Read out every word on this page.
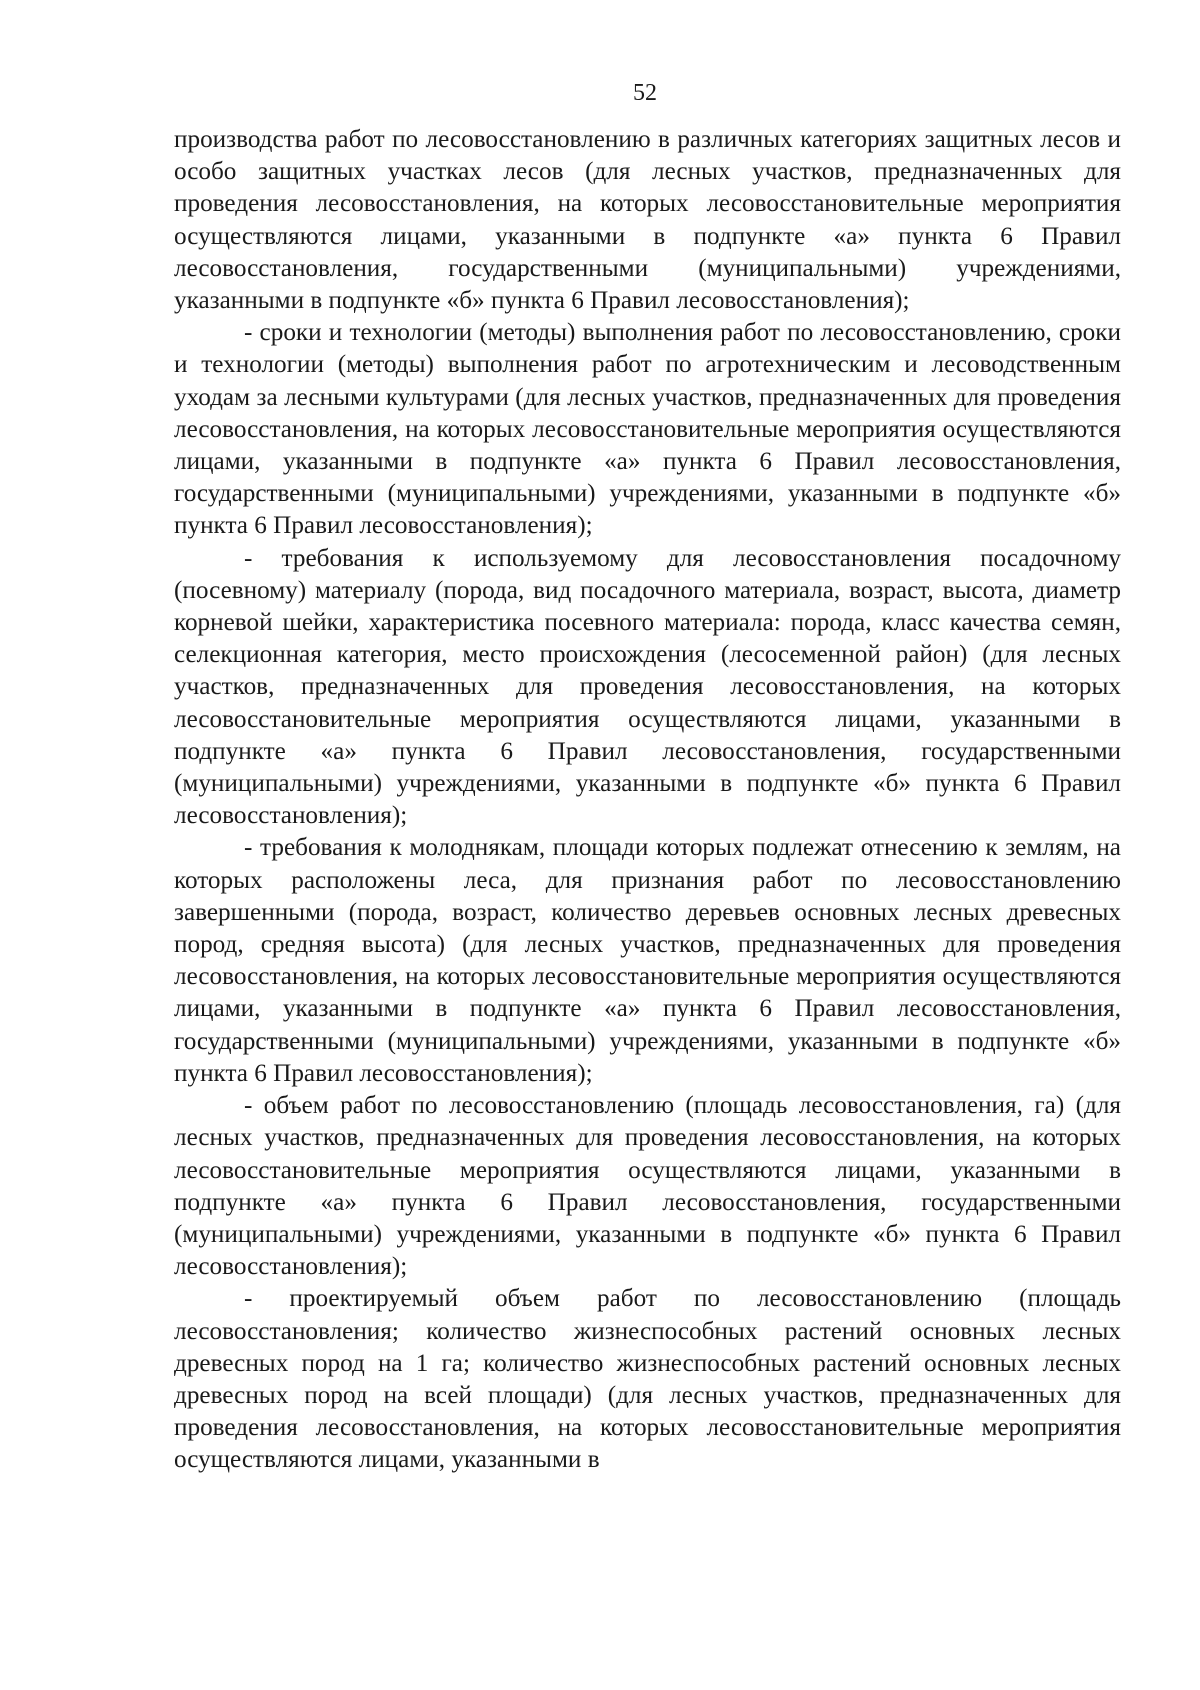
52

производства работ по лесовосстановлению в различных категориях защитных лесов и особо защитных участках лесов (для лесных участков, предназначенных для проведения лесовосстановления, на которых лесовосстановительные мероприятия осуществляются лицами, указанными в подпункте «а» пункта 6 Правил лесовосстановления, государственными (муниципальными) учреждениями, указанными в подпункте «б» пункта 6 Правил лесовосстановления);

- сроки и технологии (методы) выполнения работ по лесовосстановлению, сроки и технологии (методы) выполнения работ по агротехническим и лесоводственным уходам за лесными культурами (для лесных участков, предназначенных для проведения лесовосстановления, на которых лесовосстановительные мероприятия осуществляются лицами, указанными в подпункте «а» пункта 6 Правил лесовосстановления, государственными (муниципальными) учреждениями, указанными в подпункте «б» пункта 6 Правил лесовосстановления);

- требования к используемому для лесовосстановления посадочному (посевному) материалу (порода, вид посадочного материала, возраст, высота, диаметр корневой шейки, характеристика посевного материала: порода, класс качества семян, селекционная категория, место происхождения (лесосеменной район) (для лесных участков, предназначенных для проведения лесовосстановления, на которых лесовосстановительные мероприятия осуществляются лицами, указанными в подпункте «а» пункта 6 Правил лесовосстановления, государственными (муниципальными) учреждениями, указанными в подпункте «б» пункта 6 Правил лесовосстановления);

- требования к молоднякам, площади которых подлежат отнесению к землям, на которых расположены леса, для признания работ по лесовосстановлению завершенными (порода, возраст, количество деревьев основных лесных древесных пород, средняя высота) (для лесных участков, предназначенных для проведения лесовосстановления, на которых лесовосстановительные мероприятия осуществляются лицами, указанными в подпункте «а» пункта 6 Правил лесовосстановления, государственными (муниципальными) учреждениями, указанными в подпункте «б» пункта 6 Правил лесовосстановления);

- объем работ по лесовосстановлению (площадь лесовосстановления, га) (для лесных участков, предназначенных для проведения лесовосстановления, на которых лесовосстановительные мероприятия осуществляются лицами, указанными в подпункте «а» пункта 6 Правил лесовосстановления, государственными (муниципальными) учреждениями, указанными в подпункте «б» пункта 6 Правил лесовосстановления);

- проектируемый объем работ по лесовосстановлению (площадь лесовосстановления; количество жизнеспособных растений основных лесных древесных пород на 1 га; количество жизнеспособных растений основных лесных древесных пород на всей площади) (для лесных участков, предназначенных для проведения лесовосстановления, на которых лесовосстановительные мероприятия осуществляются лицами, указанными в
